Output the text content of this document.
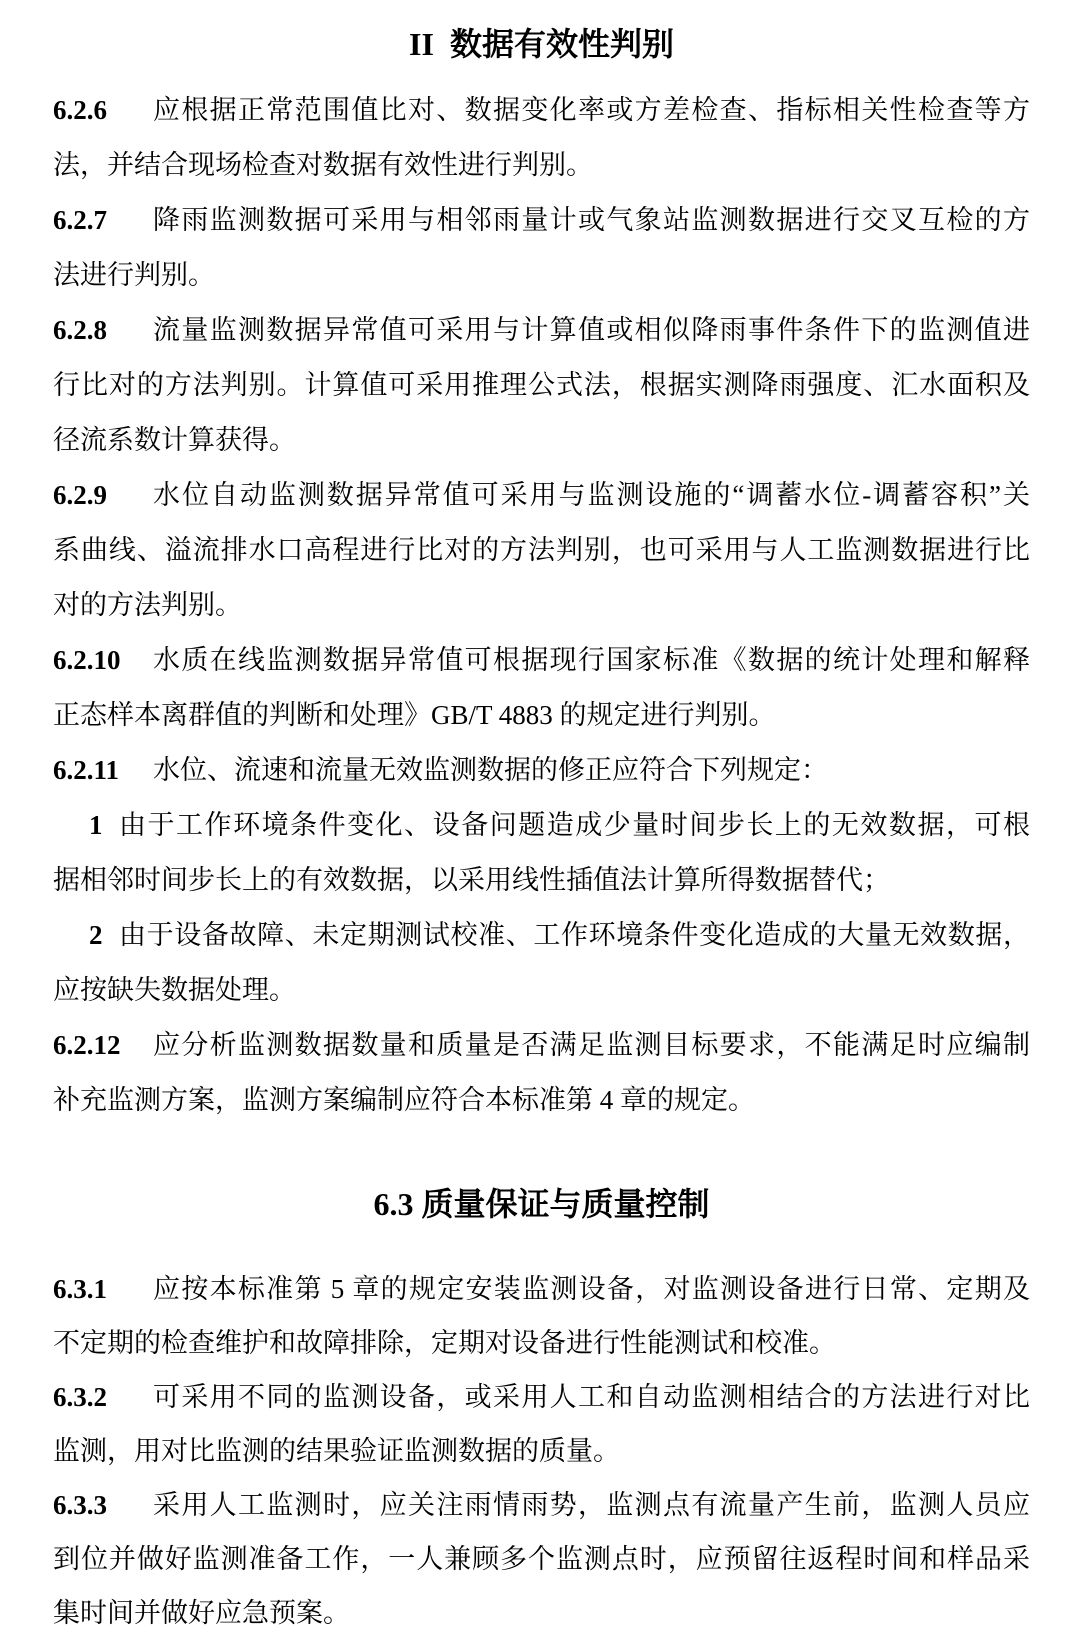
II 数据有效性判别
6.2.6	应根据正常范围值比对、数据变化率或方差检查、指标相关性检查等方
法，并结合现场检查对数据有效性进行判别。
6.2.7	降雨监测数据可采用与相邻雨量计或气象站监测数据进行交叉互检的方
法进行判别。
6.2.8	流量监测数据异常值可采用与计算值或相似降雨事件条件下的监测值进
行比对的方法判别。计算值可采用推理公式法，根据实测降雨强度、汇水面积及
径流系数计算获得。
6.2.9	水位自动监测数据异常值可采用与监测设施的“调蓄水位-调蓄容积”关
系曲线、溢流排水口高程进行比对的方法判别，也可采用与人工监测数据进行比
对的方法判别。
6.2.10	水质在线监测数据异常值可根据现行国家标准《数据的统计处理和解释
正态样本离群值的判断和处理》GB/T 4883 的规定进行判别。
6.2.11	水位、流速和流量无效监测数据的修正应符合下列规定：
1 由于工作环境条件变化、设备问题造成少量时间步长上的无效数据，可根
据相邻时间步长上的有效数据，以采用线性插值法计算所得数据替代；
2 由于设备故障、未定期测试校准、工作环境条件变化造成的大量无效数据，
应按缺失数据处理。
6.2.12	应分析监测数据数量和质量是否满足监测目标要求，不能满足时应编制
补充监测方案，监测方案编制应符合本标准第 4 章的规定。
6.3 质量保证与质量控制
6.3.1	应按本标准第 5 章的规定安装监测设备，对监测设备进行日常、定期及
不定期的检查维护和故障排除，定期对设备进行性能测试和校准。
6.3.2	可采用不同的监测设备，或采用人工和自动监测相结合的方法进行对比
监测，用对比监测的结果验证监测数据的质量。
6.3.3	采用人工监测时，应关注雨情雨势，监测点有流量产生前，监测人员应
到位并做好监测准备工作，一人兼顾多个监测点时，应预留往返程时间和样品采
集时间并做好应急预案。
